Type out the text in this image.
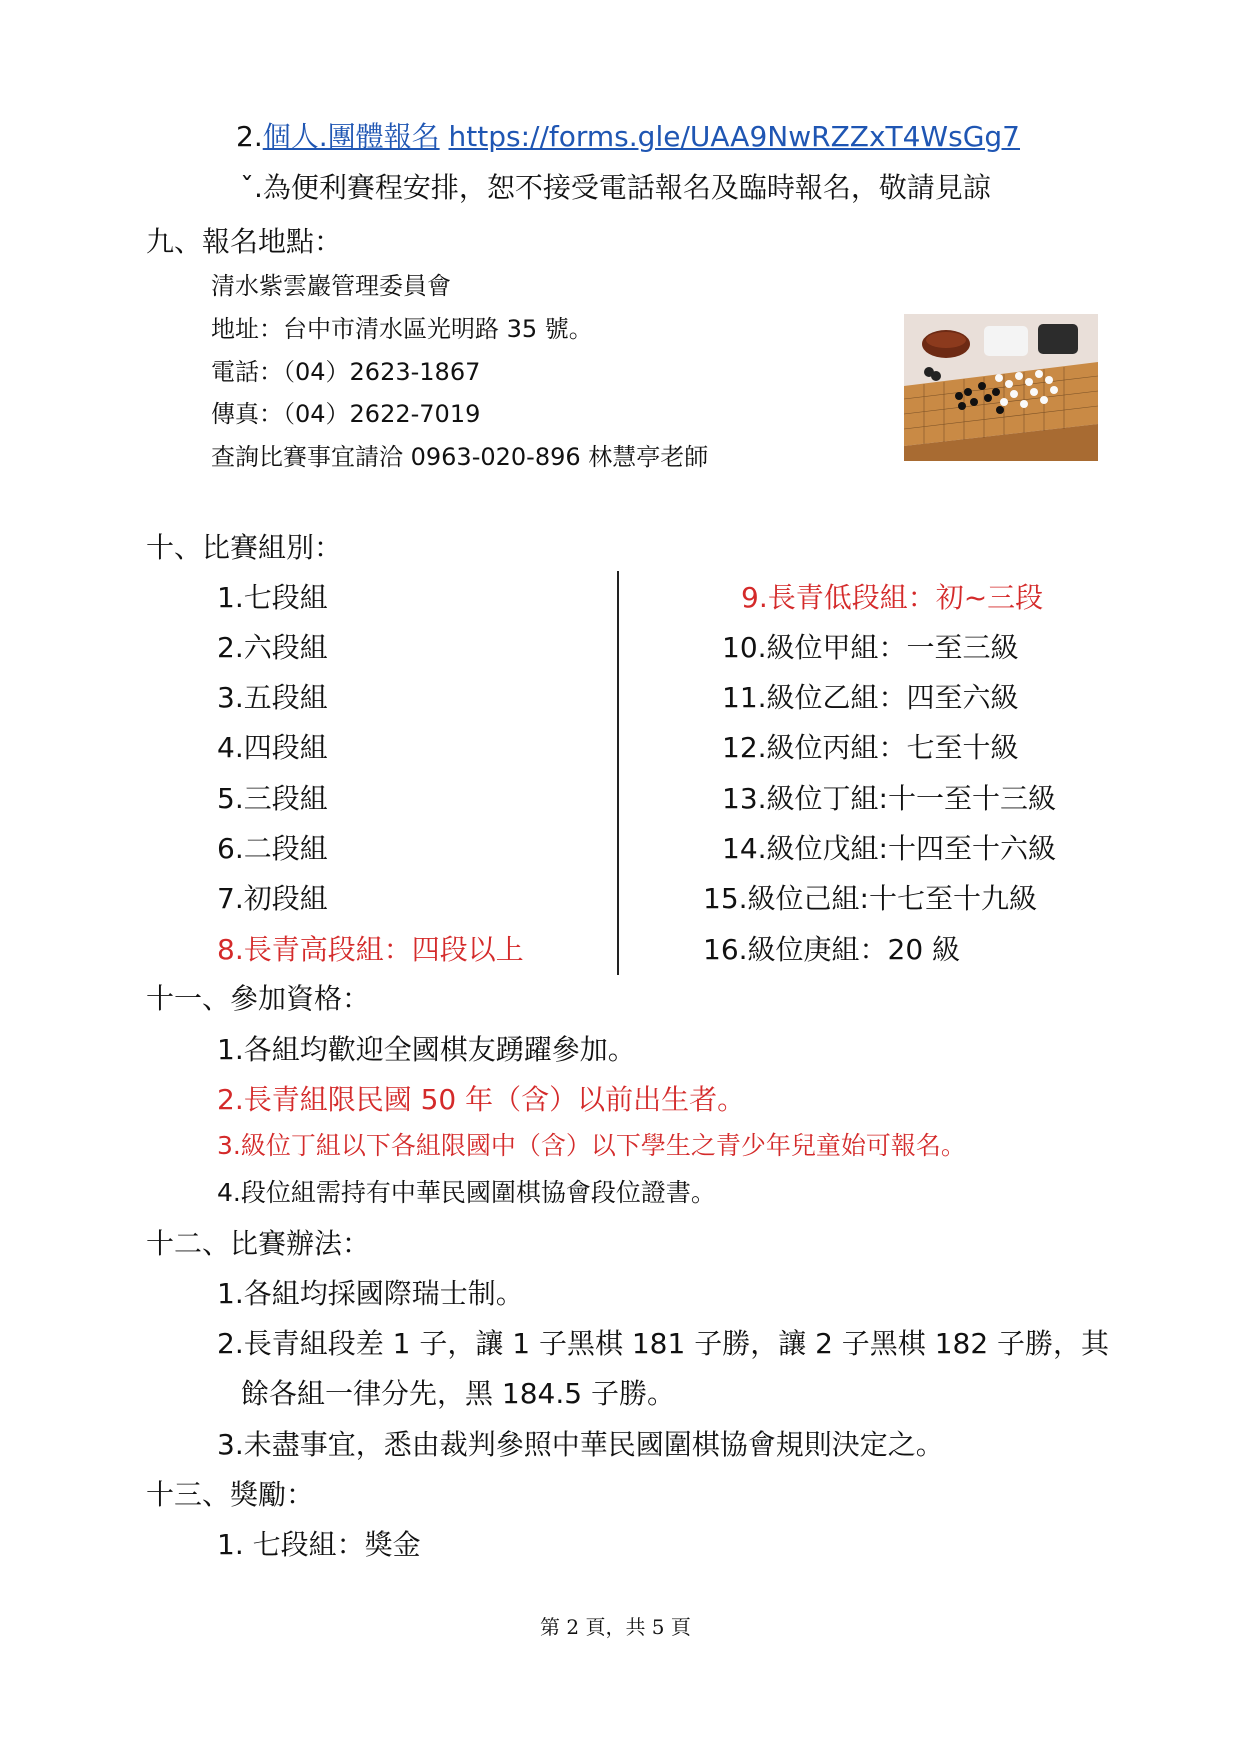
2.個人.團體報名 https://forms.gle/UAA9NwRZZxT4WsGg7
ˇ.為便利賽程安排，恕不接受電話報名及臨時報名，敬請見諒
九、報名地點：
清水紫雲巖管理委員會
地址：台中市清水區光明路 35 號。
電話：（04）2623-1867
傳真：（04）2622-7019
查詢比賽事宜請洽 0963-020-896 林慧亭老師
十、比賽組別：
1.七段組
2.六段組
3.五段組
4.四段組
5.三段組
6.二段組
7.初段組
8.長青高段組：四段以上
9.長青低段組：初~三段
10.級位甲組：一至三級
11.級位乙組：四至六級
12.級位丙組：七至十級
13.級位丁組:十一至十三級
14.級位戊組:十四至十六級
15.級位己組:十七至十九級
16.級位庚組：20 級
十一、參加資格：
1.各組均歡迎全國棋友踴躍參加。
2.長青組限民國 50 年（含）以前出生者。
3.級位丁組以下各組限國中（含）以下學生之青少年兒童始可報名。
4.段位組需持有中華民國圍棋協會段位證書。
十二、比賽辦法：
1.各組均採國際瑞士制。
2.長青組段差 1 子，讓 1 子黑棋 181 子勝，讓 2 子黑棋 182 子勝，其
餘各組一律分先，黑 184.5 子勝。
3.未盡事宜，悉由裁判參照中華民國圍棋協會規則決定之。
十三、獎勵：
1. 七段組：獎金
第 2 頁，共 5 頁
